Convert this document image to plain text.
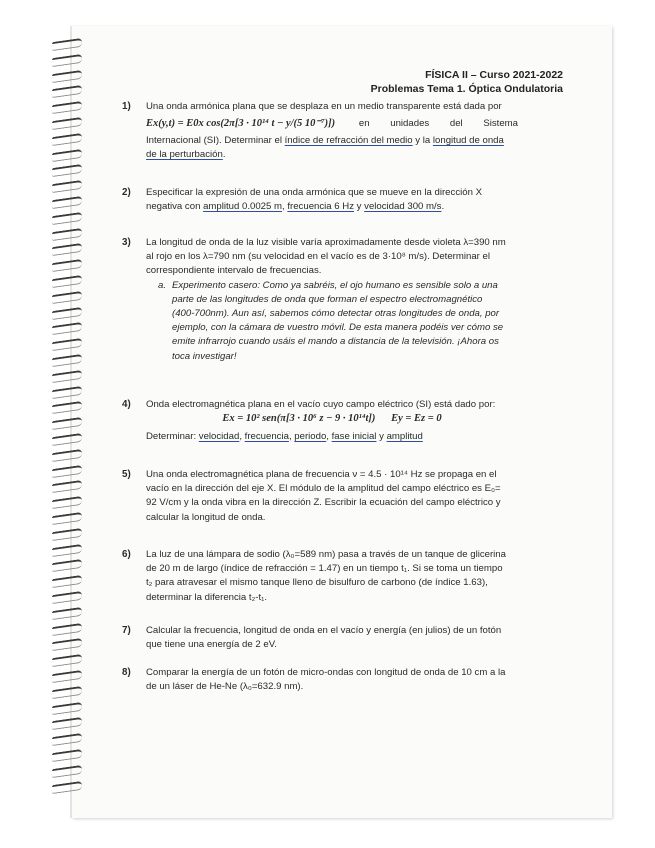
FÍSICA II – Curso 2021-2022
Problemas Tema 1. Óptica Ondulatoria
1) Una onda armónica plana que se desplaza en un medio transparente está dada por
Ex(y,t) = E0x cos(2π[3 · 10¹⁴ t − y/(5 10⁻⁷)]) en unidades del Sistema
Internacional (SI). Determinar el índice de refracción del medio y la longitud de onda
de la perturbación.
2) Especificar la expresión de una onda armónica que se mueve en la dirección X
negativa con amplitud 0.0025 m, frecuencia 6 Hz y velocidad 300 m/s.
3) La longitud de onda de la luz visible varía aproximadamente desde violeta λ=390 nm
al rojo en los λ=790 nm (su velocidad en el vacío es de 3·10⁸ m/s). Determinar el
correspondiente intervalo de frecuencias.
a. Experimento casero: Como ya sabréis, el ojo humano es sensible solo a una
parte de las longitudes de onda que forman el espectro electromagnético
(400-700nm). Aun así, sabemos cómo detectar otras longitudes de onda, por
ejemplo, con la cámara de vuestro móvil. De esta manera podéis ver cómo se
emite infrarrojo cuando usáis el mando a distancia de la televisión. ¡Ahora os
toca investigar!
4) Onda electromagnética plana en el vacío cuyo campo eléctrico (SI) está dado por:
Ex = 10² sen(π[3 · 10⁶ z − 9 · 10¹⁴t])      Ey = Ez = 0
Determinar: velocidad, frecuencia, periodo, fase inicial y amplitud
5) Una onda electromagnética plana de frecuencia ν = 4.5 · 10¹⁴ Hz se propaga en el
vacío en la dirección del eje X. El módulo de la amplitud del campo eléctrico es E₀=
92 V/cm y la onda vibra en la dirección Z. Escribir la ecuación del campo eléctrico y
calcular la longitud de onda.
6) La luz de una lámpara de sodio (λ₀=589 nm) pasa a través de un tanque de glicerina
de 20 m de largo (índice de refracción = 1.47) en un tiempo t₁. Si se toma un tiempo
t₂ para atravesar el mismo tanque lleno de bisulfuro de carbono (de índice 1.63),
determinar la diferencia t₂-t₁.
7) Calcular la frecuencia, longitud de onda en el vacío y energía (en julios) de un fotón
que tiene una energía de 2 eV.
8) Comparar la energía de un fotón de micro-ondas con longitud de onda de 10 cm a la
de un láser de He-Ne (λ₀=632.9 nm).
